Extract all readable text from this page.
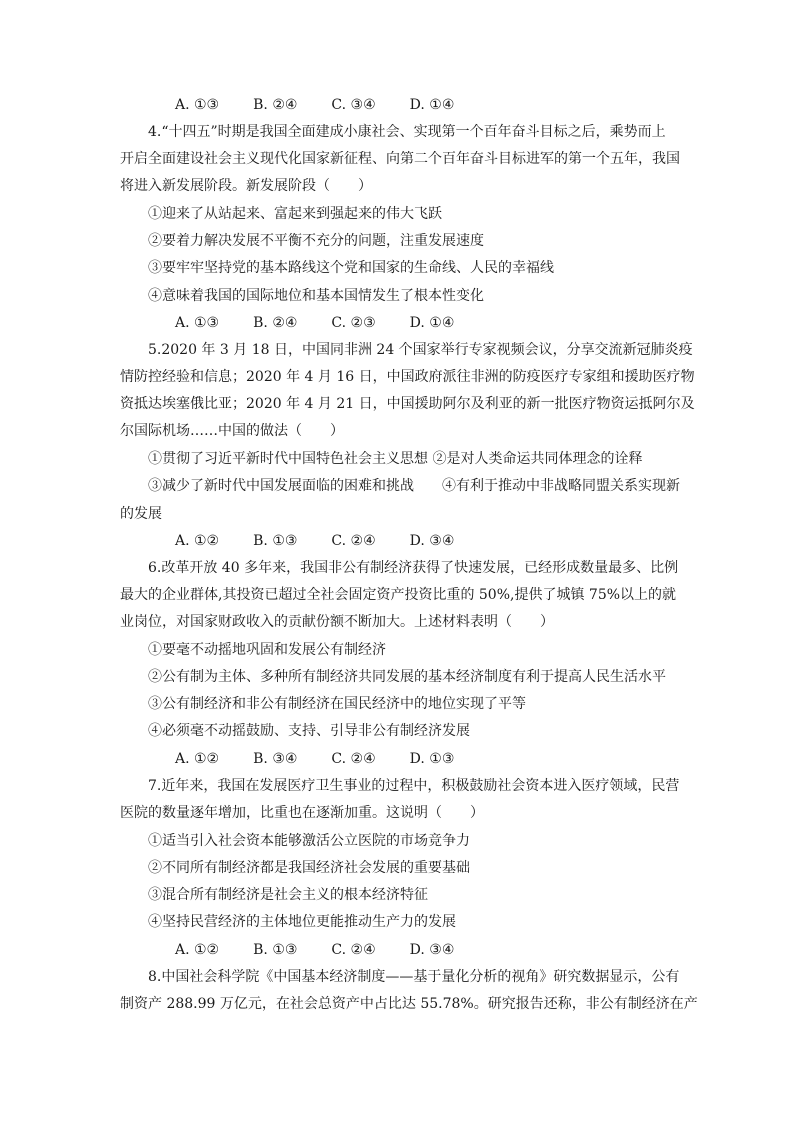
A. ①③ B. ②④ C. ③④ D. ①④
4.“十四五”时期是我国全面建成小康社会、实现第一个百年奋斗目标之后，乘势而上
开启全面建设社会主义现代化国家新征程、向第二个百年奋斗目标进军的第一个五年，我国
将进入新发展阶段。新发展阶段（　　）
①迎来了从站起来、富起来到强起来的伟大飞跃
②要着力解决发展不平衡不充分的问题，注重发展速度
③要牢牢坚持党的基本路线这个党和国家的生命线、人民的幸福线
④意味着我国的国际地位和基本国情发生了根本性变化
A. ①③ B. ②④ C. ②③ D. ①④
5.2020 年 3 月 18 日，中国同非洲 24 个国家举行专家视频会议，分享交流新冠肺炎疫
情防控经验和信息；2020 年 4 月 16 日，中国政府派往非洲的防疫医疗专家组和援助医疗物
资抵达埃塞俄比亚；2020 年 4 月 21 日，中国援助阿尔及利亚的新一批医疗物资运抵阿尔及
尔国际机场……中国的做法（　　）
①贯彻了习近平新时代中国特色社会主义思想 ②是对人类命运共同体理念的诠释
③减少了新时代中国发展面临的困难和挑战　　④有利于推动中非战略同盟关系实现新
的发展
A. ①② B. ①③ C. ②④ D. ③④
6.改革开放 40 多年来，我国非公有制经济获得了快速发展，已经形成数量最多、比例
最大的企业群体,其投资已超过全社会固定资产投资比重的 50%,提供了城镇 75%以上的就
业岗位，对国家财政收入的贡献份额不断加大。上述材料表明（　　）
①要毫不动摇地巩固和发展公有制经济
②公有制为主体、多种所有制经济共同发展的基本经济制度有利于提高人民生活水平
③公有制经济和非公有制经济在国民经济中的地位实现了平等
④必须毫不动摇鼓励、支持、引导非公有制经济发展
A. ①② B. ③④ C. ②④ D. ①③
7.近年来，我国在发展医疗卫生事业的过程中，积极鼓励社会资本进入医疗领域，民营
医院的数量逐年增加，比重也在逐渐加重。这说明（　　）
①适当引入社会资本能够激活公立医院的市场竞争力
②不同所有制经济都是我国经济社会发展的重要基础
③混合所有制经济是社会主义的根本经济特征
④坚持民营经济的主体地位更能推动生产力的发展
A. ①② B. ①③ C. ②④ D. ③④
8.中国社会科学院《中国基本经济制度——基于量化分析的视角》研究数据显示，公有
制资产 288.99 万亿元，在社会总资产中占比达 55.78%。研究报告还称，非公有制经济在产
